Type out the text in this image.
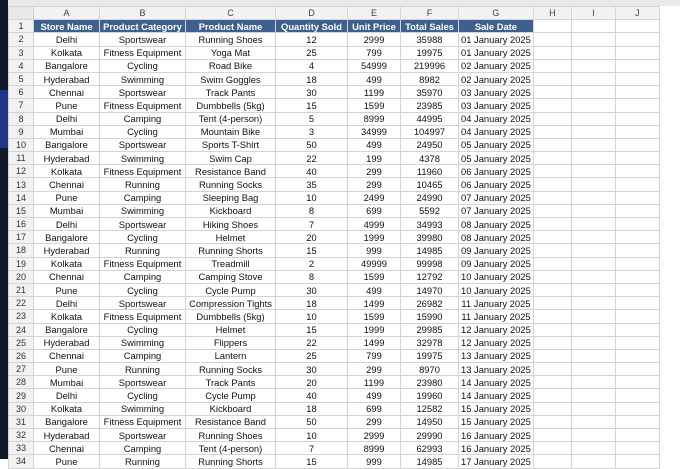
	A	B	C	D	E	F	G	H	I	J
1	Store Name	Product Category	Product Name	Quantity Sold	Unit Price	Total Sales	Sale Date			
2	Delhi	Sportswear	Running Shoes	12	2999	35988	01 January 2025			
3	Kolkata	Fitness Equipment	Yoga Mat	25	799	19975	01 January 2025			
4	Bangalore	Cycling	Road Bike	4	54999	219996	02 January 2025			
5	Hyderabad	Swimming	Swim Goggles	18	499	8982	02 January 2025			
6	Chennai	Sportswear	Track Pants	30	1199	35970	03 January 2025			
7	Pune	Fitness Equipment	Dumbbells (5kg)	15	1599	23985	03 January 2025			
8	Delhi	Camping	Tent (4-person)	5	8999	44995	04 January 2025			
9	Mumbai	Cycling	Mountain Bike	3	34999	104997	04 January 2025			
10	Bangalore	Sportswear	Sports T-Shirt	50	499	24950	05 January 2025			
11	Hyderabad	Swimming	Swim Cap	22	199	4378	05 January 2025			
12	Kolkata	Fitness Equipment	Resistance Band	40	299	11960	06 January 2025			
13	Chennai	Running	Running Socks	35	299	10465	06 January 2025			
14	Pune	Camping	Sleeping Bag	10	2499	24990	07 January 2025			
15	Mumbai	Swimming	Kickboard	8	699	5592	07 January 2025			
16	Delhi	Sportswear	Hiking Shoes	7	4999	34993	08 January 2025			
17	Bangalore	Cycling	Helmet	20	1999	39980	08 January 2025			
18	Hyderabad	Running	Running Shorts	15	999	14985	09 January 2025			
19	Kolkata	Fitness Equipment	Treadmill	2	49999	99998	09 January 2025			
20	Chennai	Camping	Camping Stove	8	1599	12792	10 January 2025			
21	Pune	Cycling	Cycle Pump	30	499	14970	10 January 2025			
22	Delhi	Sportswear	Compression Tights	18	1499	26982	11 January 2025			
23	Kolkata	Fitness Equipment	Dumbbells (5kg)	10	1599	15990	11 January 2025			
24	Bangalore	Cycling	Helmet	15	1999	29985	12 January 2025			
25	Hyderabad	Swimming	Flippers	22	1499	32978	12 January 2025			
26	Chennai	Camping	Lantern	25	799	19975	13 January 2025			
27	Pune	Running	Running Socks	30	299	8970	13 January 2025			
28	Mumbai	Sportswear	Track Pants	20	1199	23980	14 January 2025			
29	Delhi	Cycling	Cycle Pump	40	499	19960	14 January 2025			
30	Kolkata	Swimming	Kickboard	18	699	12582	15 January 2025			
31	Bangalore	Fitness Equipment	Resistance Band	50	299	14950	15 January 2025			
32	Hyderabad	Sportswear	Running Shoes	10	2999	29990	16 January 2025			
33	Chennai	Camping	Tent (4-person)	7	8999	62993	16 January 2025			
34	Pune	Running	Running Shorts	15	999	14985	17 January 2025			
